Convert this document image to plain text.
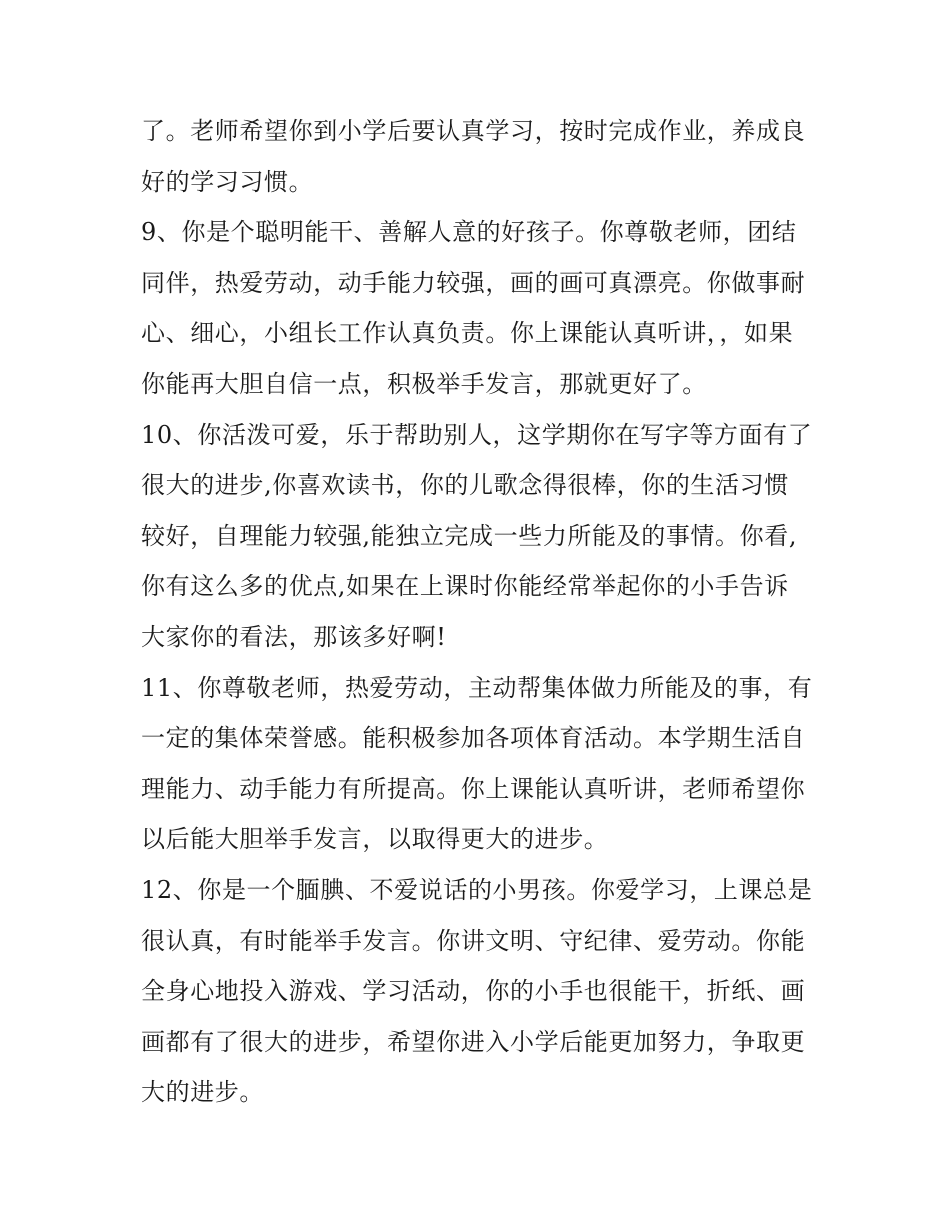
了。老师希望你到小学后要认真学习，按时完成作业，养成良
好的学习习惯。
9、你是个聪明能干、善解人意的好孩子。你尊敬老师，团结
同伴，热爱劳动，动手能力较强，画的画可真漂亮。你做事耐
心、细心，小组长工作认真负责。你上课能认真听讲，，如果
你能再大胆自信一点，积极举手发言，那就更好了。
10、你活泼可爱，乐于帮助别人，这学期你在写字等方面有了
很大的进步,你喜欢读书，你的儿歌念得很棒，你的生活习惯
较好，自理能力较强,能独立完成一些力所能及的事情。你看,
你有这么多的优点,如果在上课时你能经常举起你的小手告诉
大家你的看法，那该多好啊!
11、你尊敬老师，热爱劳动，主动帮集体做力所能及的事，有
一定的集体荣誉感。能积极参加各项体育活动。本学期生活自
理能力、动手能力有所提高。你上课能认真听讲，老师希望你
以后能大胆举手发言，以取得更大的进步。
12、你是一个腼腆、不爱说话的小男孩。你爱学习，上课总是
很认真，有时能举手发言。你讲文明、守纪律、爱劳动。你能
全身心地投入游戏、学习活动，你的小手也很能干，折纸、画
画都有了很大的进步，希望你进入小学后能更加努力，争取更
大的进步。
